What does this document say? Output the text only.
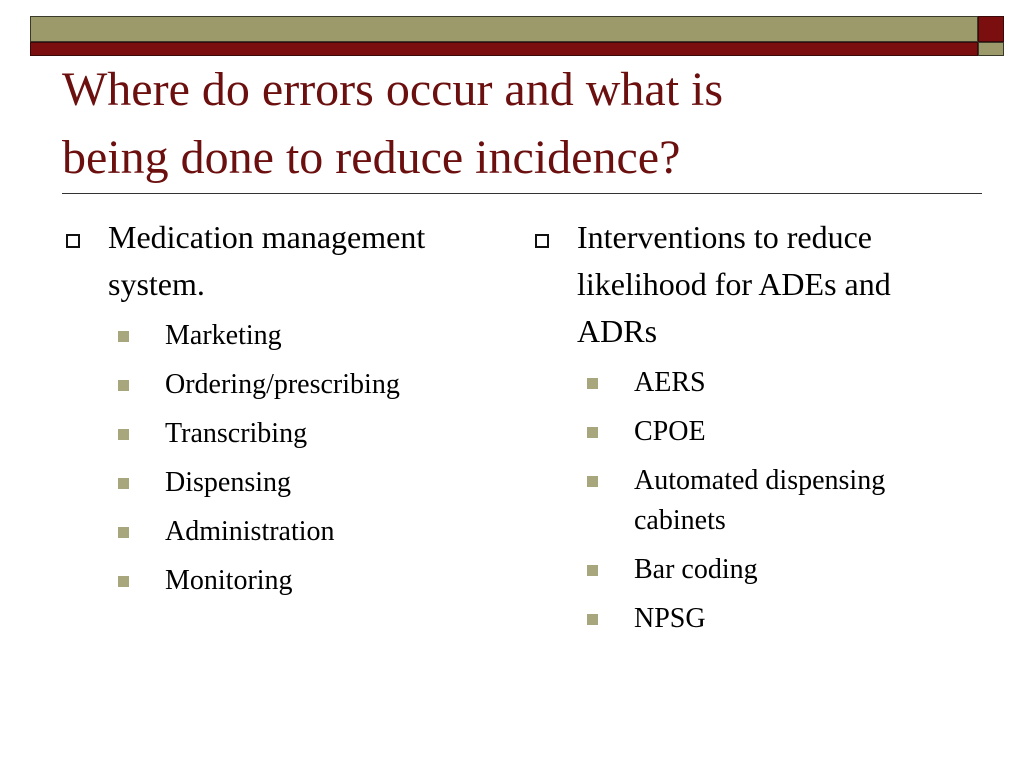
Where do errors occur and what is
being done to reduce incidence?
Medication management system.
Marketing
Ordering/prescribing
Transcribing
Dispensing
Administration
Monitoring
Interventions to reduce likelihood for ADEs and ADRs
AERS
CPOE
Automated dispensing cabinets
Bar coding
NPSG
